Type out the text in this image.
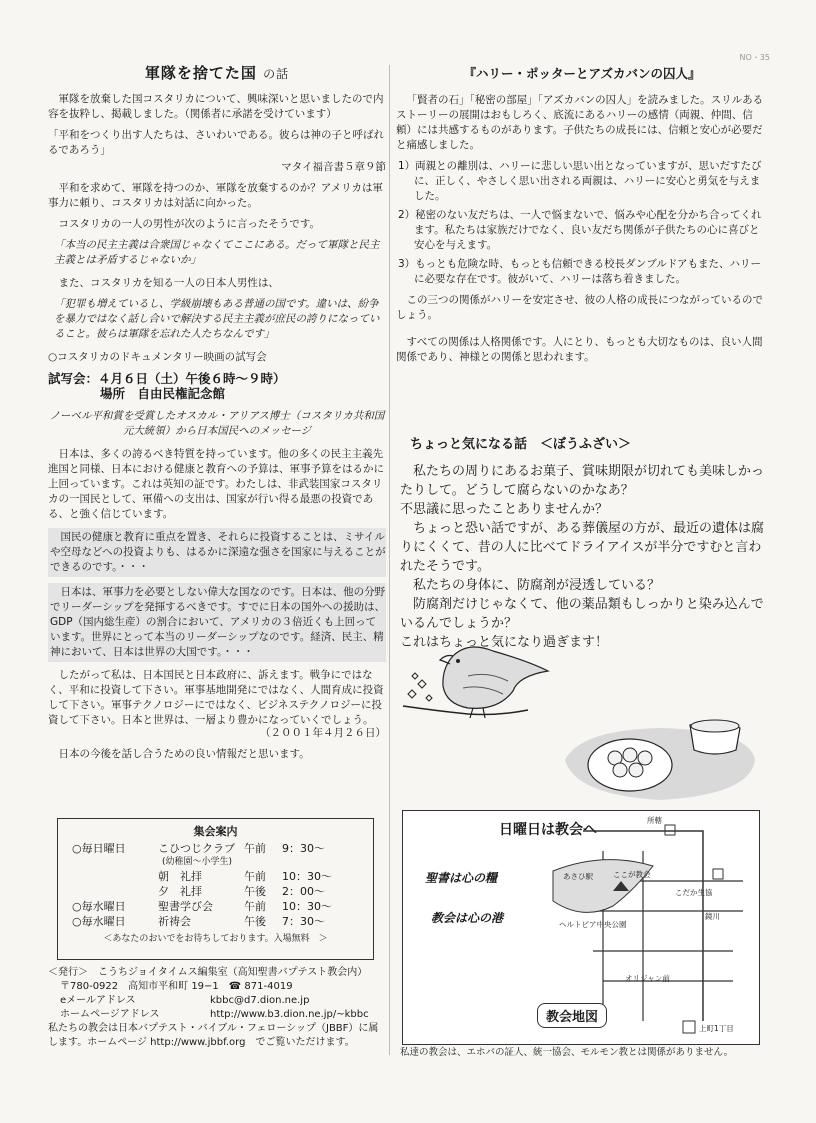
NO・35
軍隊を捨てた国 の話

軍隊を放棄した国コスタリカについて、興味深いと思いましたので内容を抜粋し、掲載しました。（関係者に承諾を受けています）

「平和をつくり出す人たちは、さいわいである。彼らは神の子と呼ばれるであろう」

マタイ福音書５章９節

平和を求めて、軍隊を持つのか、軍隊を放棄するのか？アメリカは軍事力に頼り、コスタリカは対話に向かった。

コスタリカの一人の男性が次のように言ったそうです。

「本当の民主主義は合衆国じゃなくてここにある。だって軍隊と民主主義とは矛盾するじゃないか」

また、コスタリカを知る一人の日本人男性は、

「犯罪も増えているし、学級崩壊もある普通の国です。違いは、紛争を暴力ではなく話し合いで解決する民主主義が庶民の誇りになっていること。彼らは軍隊を忘れた人たちなんです」

○コスタリカのドキュメンタリー映画の試写会

試写会：４月６日（土）午後６時〜９時）

場所　自由民権記念館

ノーベル平和賞を受賞したオスカル・アリアス博士（コスタリカ共和国元大統領）から日本国民へのメッセージ

日本は、多くの誇るべき特質を持っています。他の多くの民主主義先進国と同様、日本における健康と教育への予算は、軍事予算をはるかに上回っています。これは英知の証です。わたしは、非武装国家コスタリカの一国民として、軍備への支出は、国家が行い得る最悪の投資である、と強く信じています。

国民の健康と教育に重点を置き、それらに投資することは、ミサイルや空母などへの投資よりも、はるかに深遠な强さを国家に与えることができるのです。・・・

日本は、軍事力を必要としない偉大な国なのです。日本は、他の分野でリーダーシップを発揮するべきです。すでに日本の国外への援助は、GDP（国内総生産）の割合において、アメリカの３倍近くも上回っています。世界にとって本当のリーダーシップなのです。経済、民主、精神において、日本は世界の大国です。・・・

したがって私は、日本国民と日本政府に、訴えます。戦争にではなく、平和に投資して下さい。軍事基地開発にではなく、人間育成に投資して下さい。軍事テクノロジーにではなく、ビジネステクノロジーに投資して下さい。日本と世界は、一層より豊かになっていくでしょう。

（２００１年４月２６日）

日本の今後を話し合うための良い情報だと思います。

集会案内
○毎日曜日	こひつじクラブ 午前	9：30〜
(幼稚園〜小学生)
朝　礼拝	午前	10：30〜
夕　礼拝	午後	2：00〜
○毎水曜日	聖書学び会	午前	10：30〜
○毎水曜日	祈祷会	午後	7：30〜
＜あなたのおいでをお待ちしております。入場無料　＞
＜発行＞　こうちジョイタイムス編集室（高知聖書バプテスト教会内）
〒780-0922　高知市平和町 19−1　☎ 871-4019
eメールアドレス	kbbc@d7.dion.ne.jp
ホームページアドレス	http://www.b3.dion.ne.jp/~kbbc
私たちの教会は日本バプテスト・バイブル・フェローシップ（JBBF）に属します。ホームページ http://www.jbbf.org　でご覧いただけます。
『ハリー・ポッターとアズカバンの囚人』

「賢者の石」「秘密の部屋」「アズカバンの囚人」を読みました。スリルあるストーリーの展開はおもしろく、底流にあるハリーの感情（両親、仲間、信頼）には共感するものがあります。子供たちの成長には、信頼と安心が必要だと痛感しました。

1）両親との離別は、ハリーに悲しい思い出となっていますが、思いだすたびに、正しく、やさしく思い出される両親は、ハリーに安心と勇気を与えました。
2）秘密のない友だちは、一人で悩まないで、悩みや心配を分かち合ってくれます。私たちは家族だけでなく、良い友だち関係が子供たちの心に喜びと安心を与えます。
3）もっとも危険な時、もっとも信頼できる校長ダンブルドアもまた、ハリーに必要な存在です。彼がいて、ハリーは落ち着きました。

この三つの関係がハリーを安定させ、彼の人格の成長につながっているのでしょう。

すべての関係は人格関係です。人にとり、もっとも大切なものは、良い人間関係であり、神様との関係と思われます。

ちょっと気になる話　＜ぼうふざい＞

私たちの周りにあるお菓子、賞味期限が切れても美味しかったりして。どうして腐らないのかなあ？

不思議に思ったことありませんか？

ちょっと恐い話ですが、ある葬儀屋の方が、最近の遺体は腐りにくくて、昔の人に比べてドライアイスが半分ですむと言われたそうです。

私たちの身体に、防腐剤が浸透している？

防腐剤だけじゃなくて、他の薬品類もしっかりと染み込んでいるんでしょうか？

これはちょっと気になり過ぎます！

日曜日は教会へ
聖書は心の糧
教会は心の港
所轄
あさひ駅	ここが教会
こだか生協
鏡川
ヘルトピア中央公園
オリジャン前
上町1丁目
教会地図
私達の教会は、エホバの証人、統一協会、モルモン教とは関係がありません。
